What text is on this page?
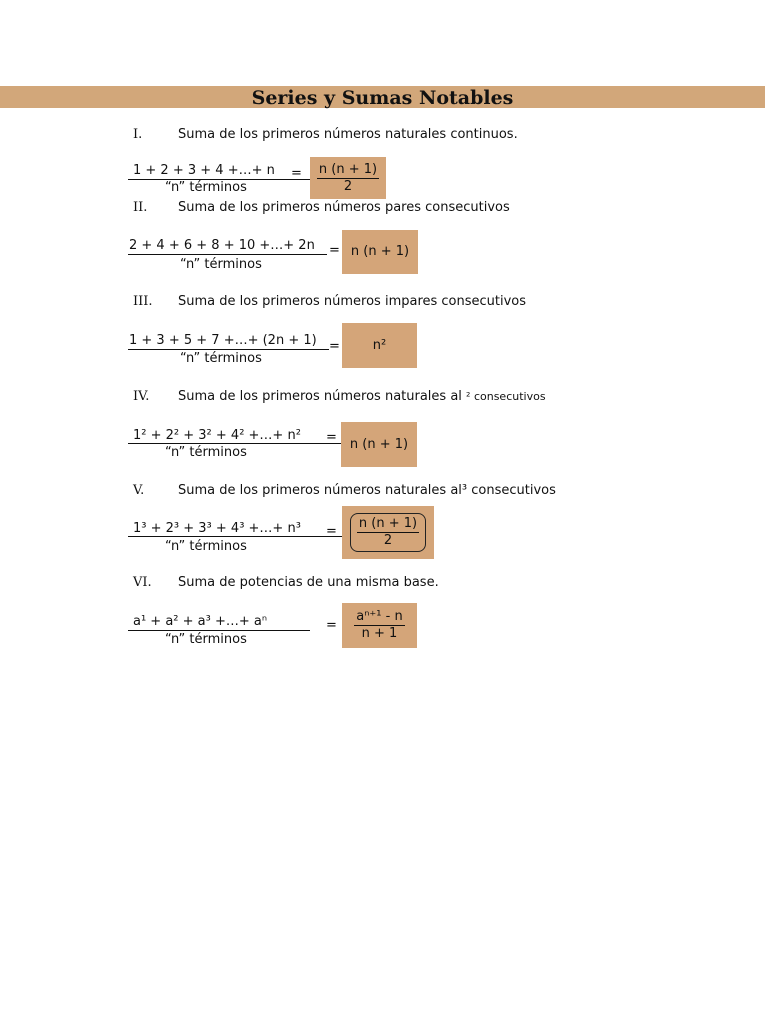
Series y Sumas Notables
I.	Suma de los primeros números naturales continuos.
1 + 2 + 3 + 4 +…+ n
“n” términos
= $\frac{n (n + 1)}{2}$
II. Suma de los primeros números pares consecutivos
2 + 4 + 6 + 8 + 10 +…+ 2n
“n” términos
= n (n + 1)
III. Suma de los primeros números impares consecutivos
1 + 3 + 5 + 7 +…+ (2n + 1)
“n” términos
=	n²
IV. Suma de los primeros números naturales al ² consecutivos
1² + 2² + 3² + 4² +…+ n²
“n” términos
= n (n + 1)
V.	Suma de los primeros números naturales al³ consecutivos
1³ + 2³ + 3³ + 4³ +…+ n³
“n” términos
= $\frac{n (n + 1)}{2}$
VI. Suma de potencias de una misma base.
a¹ + a² + a³ +…+ aⁿ
“n” términos
= $\frac{\text{aⁿ⁺¹ - n}}{n + 1}$
